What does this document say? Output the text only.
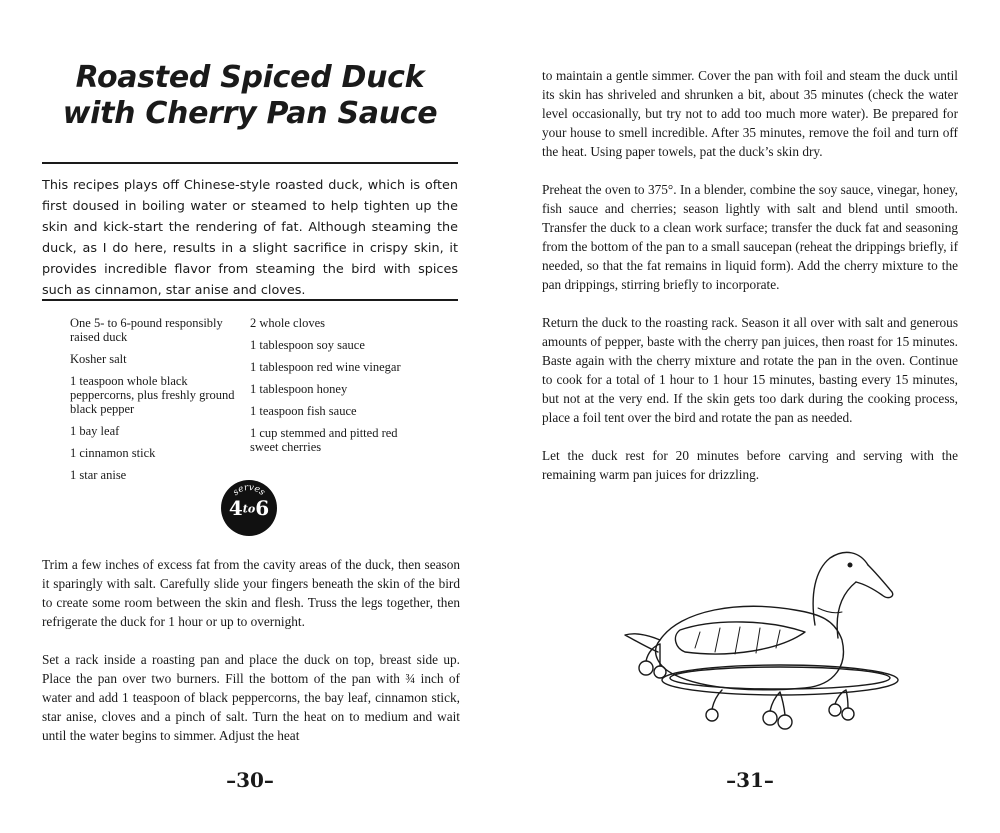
Roasted Spiced Duck
with Cherry Pan Sauce
This recipes plays off Chinese-style roasted duck, which is often first doused in boiling water or steamed to help tighten up the skin and kick-start the rendering of fat. Although steaming the duck, as I do here, results in a slight sacrifice in crispy skin, it provides incredible flavor from steaming the bird with spices such as cinnamon, star anise and cloves.
One 5- to 6-pound responsibly raised duck
Kosher salt
1 teaspoon whole black peppercorns, plus freshly ground black pepper
1 bay leaf
1 cinnamon stick
1 star anise
2 whole cloves
1 tablespoon soy sauce
1 tablespoon red wine vinegar
1 tablespoon honey
1 teaspoon fish sauce
1 cup stemmed and pitted red sweet cherries
serves
4to6

Trim a few inches of excess fat from the cavity areas of the duck, then season it sparingly with salt. Carefully slide your fingers beneath the skin of the bird to create some room between the skin and flesh. Truss the legs together, then refrigerate the duck for 1 hour or up to overnight.

Set a rack inside a roasting pan and place the duck on top, breast side up. Place the pan over two burners. Fill the bottom of the pan with ¾ inch of water and add 1 teaspoon of black peppercorns, the bay leaf, cinnamon stick, star anise, cloves and a pinch of salt. Turn the heat on to medium and wait until the water begins to simmer. Adjust the heat

–30–

to maintain a gentle simmer. Cover the pan with foil and steam the duck until its skin has shriveled and shrunken a bit, about 35 minutes (check the water level occasionally, but try not to add too much more water). Be prepared for your house to smell incredible. After 35 minutes, remove the foil and turn off the heat. Using paper towels, pat the duck’s skin dry.

Preheat the oven to 375°. In a blender, combine the soy sauce, vinegar, honey, fish sauce and cherries; season lightly with salt and blend until smooth. Transfer the duck to a clean work surface; transfer the duck fat and seasoning from the bottom of the pan to a small saucepan (reheat the drippings briefly, if needed, so that the fat remains in liquid form). Add the cherry mixture to the pan drippings, stirring briefly to incorporate.

Return the duck to the roasting rack. Season it all over with salt and generous amounts of pepper, baste with the cherry pan juices, then roast for 15 minutes. Baste again with the cherry mixture and rotate the pan in the oven. Continue to cook for a total of 1 hour to 1 hour 15 minutes, basting every 15 minutes, but not at the very end. If the skin gets too dark during the cooking process, place a foil tent over the bird and rotate the pan as needed.

Let the duck rest for 20 minutes before carving and serving with the remaining warm pan juices for drizzling.

–31–
